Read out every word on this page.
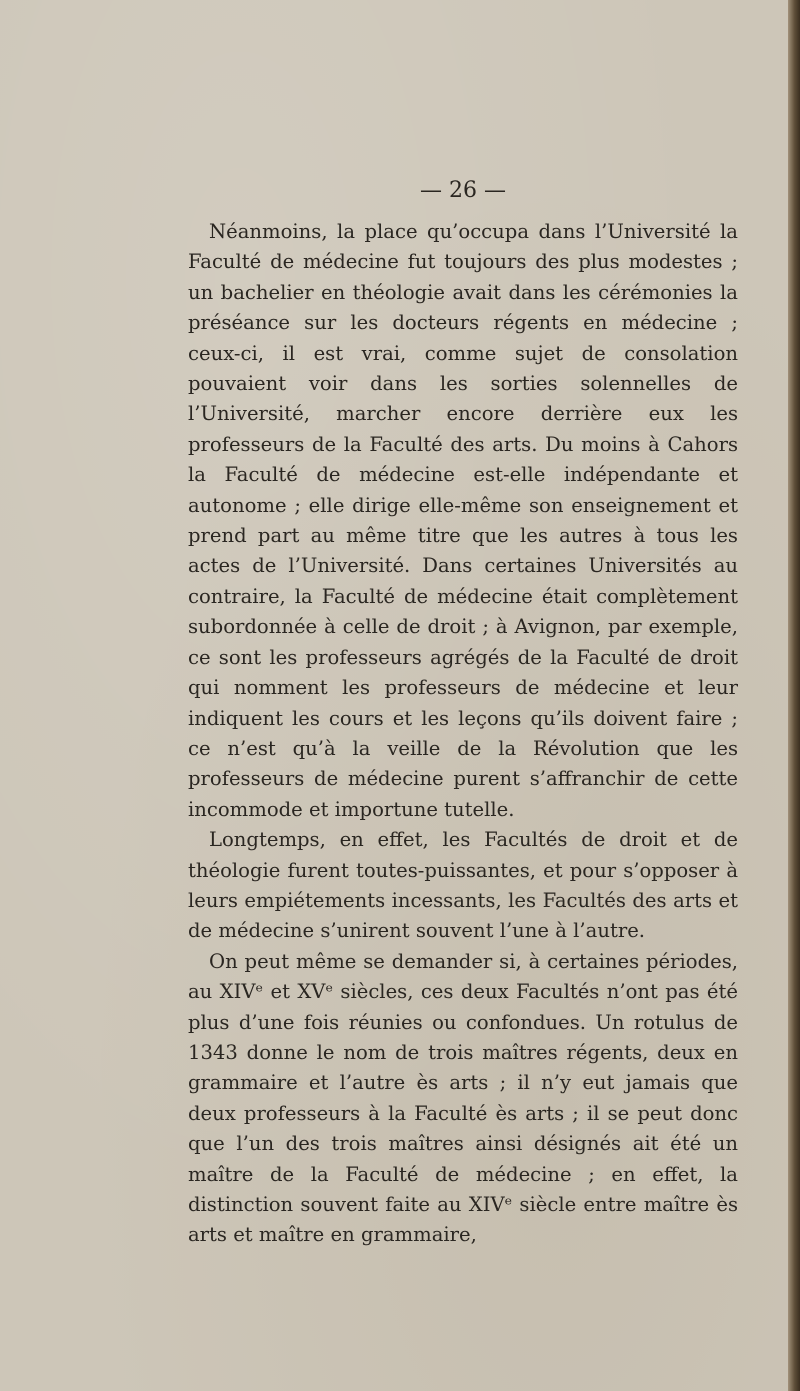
— 26 —

Néanmoins, la place qu’occupa dans l’Université la Faculté de médecine fut toujours des plus modestes ; un bachelier en théologie avait dans les cérémonies la préséance sur les docteurs régents en médecine ; ceux-ci, il est vrai, comme sujet de consolation pouvaient voir dans les sorties solennelles de l’Université, marcher encore derrière eux les professeurs de la Faculté des arts. Du moins à Cahors la Faculté de médecine est-elle indépendante et autonome ; elle dirige elle-même son enseignement et prend part au même titre que les autres à tous les actes de l’Université. Dans certaines Universités au contraire, la Faculté de médecine était complètement subordonnée à celle de droit ; à Avignon, par exemple, ce sont les professeurs agrégés de la Faculté de droit qui nomment les professeurs de médecine et leur indiquent les cours et les leçons qu’ils doivent faire ; ce n’est qu’à la veille de la Révolution que les professeurs de médecine purent s’affranchir de cette incommode et importune tutelle.

Longtemps, en effet, les Facultés de droit et de théologie furent toutes-puissantes, et pour s’opposer à leurs empiétements incessants, les Facultés des arts et de médecine s’unirent souvent l’une à l’autre.

On peut même se demander si, à certaines périodes, au XIVᵉ et XVᵉ siècles, ces deux Facultés n’ont pas été plus d’une fois réunies ou confondues. Un rotulus de 1343 donne le nom de trois maîtres régents, deux en grammaire et l’autre ès arts ; il n’y eut jamais que deux professeurs à la Faculté ès arts ; il se peut donc que l’un des trois maîtres ainsi désignés ait été un maître de la Faculté de médecine ; en effet, la distinction souvent faite au XIVᵉ siècle entre maître ès arts et maître en grammaire,
